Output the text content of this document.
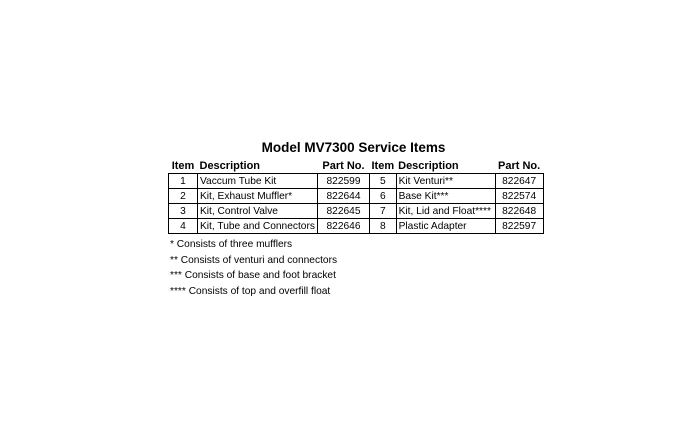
Model MV7300 Service Items
Item	Description	Part No.	Item	Description	Part No.
1	Vaccum Tube Kit	822599	5	Kit Venturi**	822647
2	Kit, Exhaust Muffler*	822644	6	Base Kit***	822574
3	Kit, Control Valve	822645	7	Kit, Lid and Float****	822648
4	Kit, Tube and Connectors	822646	8	Plastic Adapter	822597
* Consists of three mufflers
** Consists of venturi and connectors
*** Consists of base and foot bracket
**** Consists of top and overfill float
